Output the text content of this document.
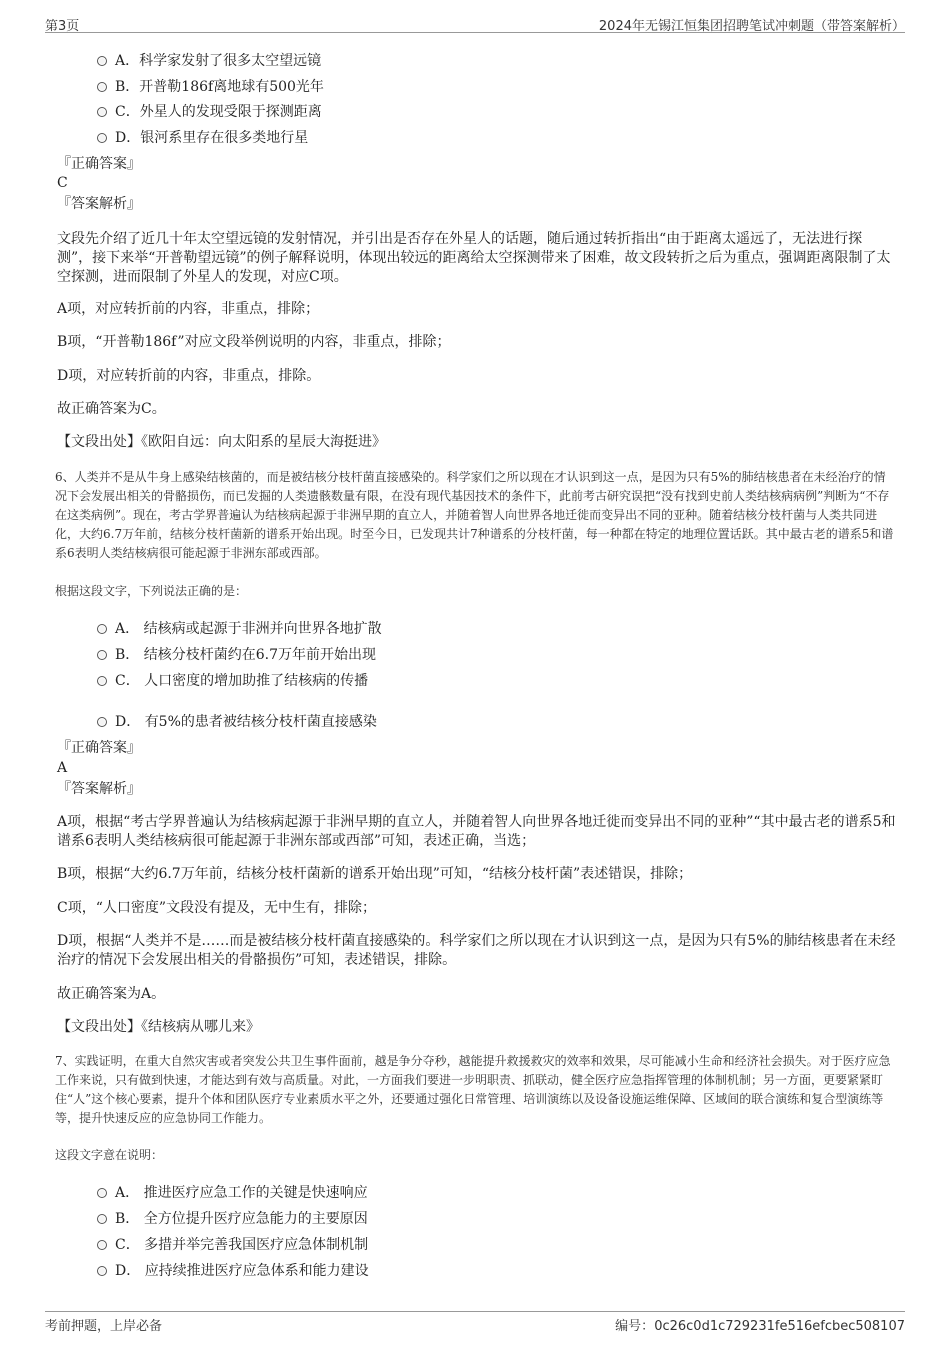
第3页	2024年无锡江恒集团招聘笔试冲刺题（带答案解析）
A．科学家发射了很多太空望远镜
B．开普勒186f离地球有500光年
C．外星人的发现受限于探测距离
D．银河系里存在很多类地行星
『正确答案』
C
『答案解析』
文段先介绍了近几十年太空望远镜的发射情况，并引出是否存在外星人的话题，随后通过转折指出“由于距离太遥远了，无法进行探测”，接下来举“开普勒望远镜”的例子解释说明，体现出较远的距离给太空探测带来了困难，故文段转折之后为重点，强调距离限制了太空探测，进而限制了外星人的发现，对应C项。
A项，对应转折前的内容，非重点，排除；
B项，“开普勒186f”对应文段举例说明的内容，非重点，排除；
D项，对应转折前的内容，非重点，排除。
故正确答案为C。
【文段出处】《欧阳自远：向太阳系的星辰大海挺进》
6、人类并不是从牛身上感染结核菌的，而是被结核分枝杆菌直接感染的。科学家们之所以现在才认识到这一点，是因为只有5%的肺结核患者在未经治疗的情况下会发展出相关的骨骼损伤，而已发掘的人类遗骸数量有限，在没有现代基因技术的条件下，此前考古研究误把“没有找到史前人类结核病病例”判断为“不存在这类病例”。现在，考古学界普遍认为结核病起源于非洲早期的直立人，并随着智人向世界各地迁徙而变异出不同的亚种。随着结核分枝杆菌与人类共同进化，大约6.7万年前，结核分枝杆菌新的谱系开始出现。时至今日，已发现共计7种谱系的分枝杆菌，每一种都在特定的地理位置话跃。其中最古老的谱系5和谱系6表明人类结核病很可能起源于非洲东部或西部。
根据这段文字，下列说法正确的是：
A． 结核病或起源于非洲并向世界各地扩散
B． 结核分枝杆菌约在6.7万年前开始出现
C． 人口密度的增加助推了结核病的传播
D． 有5%的患者被结核分枝杆菌直接感染
『正确答案』
A
『答案解析』
A项，根据“考古学界普遍认为结核病起源于非洲早期的直立人，并随着智人向世界各地迁徙而变异出不同的亚种”“其中最古老的谱系5和谱系6表明人类结核病很可能起源于非洲东部或西部”可知，表述正确，当选；
B项，根据“大约6.7万年前，结核分枝杆菌新的谱系开始出现”可知，“结核分枝杆菌”表述错误，排除；
C项，“人口密度”文段没有提及，无中生有，排除；
D项，根据“人类并不是……而是被结核分枝杆菌直接感染的。科学家们之所以现在才认识到这一点，是因为只有5%的肺结核患者在未经治疗的情况下会发展出相关的骨骼损伤”可知，表述错误，排除。
故正确答案为A。
【文段出处】《结核病从哪儿来》
7、实践证明，在重大自然灾害或者突发公共卫生事件面前，越是争分夺秒，越能提升救援救灾的效率和效果，尽可能减小生命和经济社会损失。对于医疗应急工作来说，只有做到快速，才能达到有效与高质量。对此，一方面我们要进一步明职责、抓联动，健全医疗应急指挥管理的体制机制；另一方面，更要紧紧盯住“人”这个核心要素，提升个体和团队医疗专业素质水平之外，还要通过强化日常管理、培训演练以及设备设施运维保障、区域间的联合演练和复合型演练等等，提升快速反应的应急协同工作能力。
这段文字意在说明：
A． 推进医疗应急工作的关键是快速响应
B． 全方位提升医疗应急能力的主要原因
C． 多措并举完善我国医疗应急体制机制
D． 应持续推进医疗应急体系和能力建设
考前押题，上岸必备	编号：0c26c0d1c729231fe516efcbec508107
